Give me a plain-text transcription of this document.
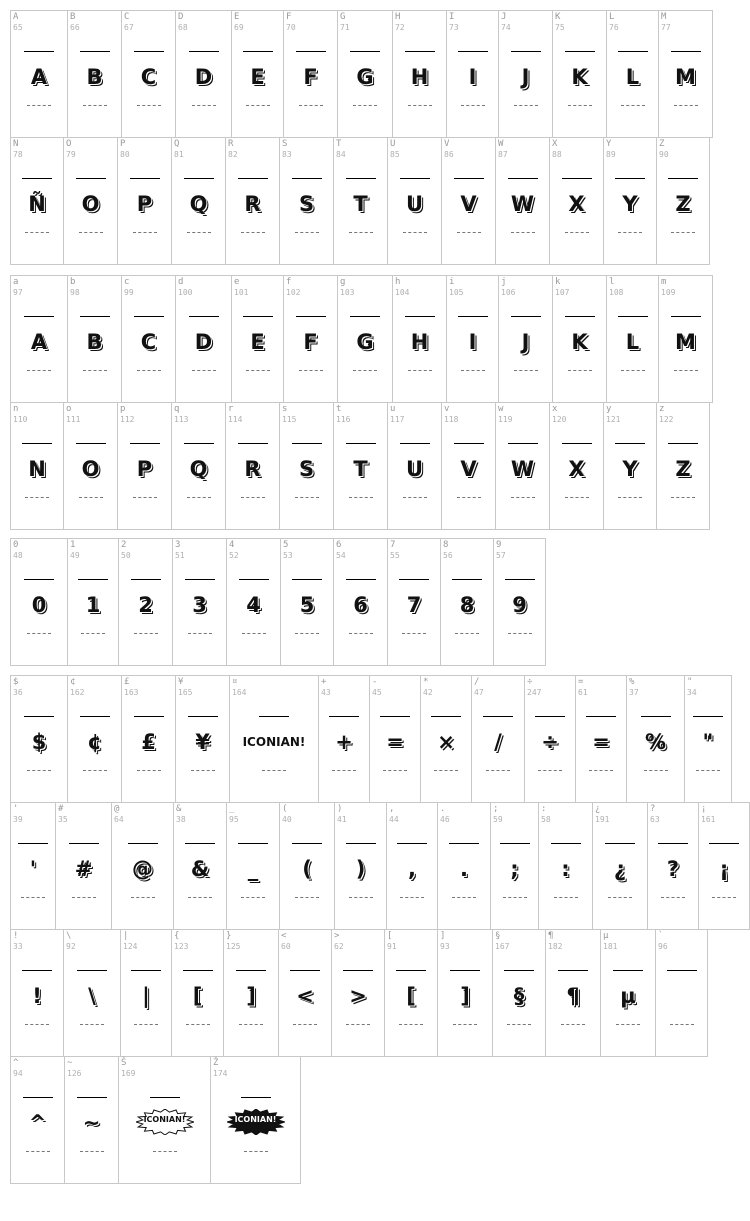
A
65
A
B
66
B
C
67
C
D
68
D
E
69
E
F
70
F
G
71
G
H
72
H
I
73
I
J
74
J
K
75
K
L
76
L
M
77
M
N
78
Ñ
O
79
O
P
80
P
Q
81
Q
R
82
R
S
83
S
T
84
T
U
85
U
V
86
V
W
87
W
X
88
X
Y
89
Y
Z
90
Z
a
97
A
b
98
B
c
99
C
d
100
D
e
101
E
f
102
F
g
103
G
h
104
H
i
105
I
j
106
J
k
107
K
l
108
L
m
109
M
n
110
N
o
111
O
p
112
P
q
113
Q
r
114
R
s
115
S
t
116
T
u
117
U
v
118
V
w
119
W
x
120
X
y
121
Y
z
122
Z
0
48
0
1
49
1
2
50
2
3
51
3
4
52
4
5
53
5
6
54
6
7
55
7
8
56
8
9
57
9
$
36
$
¢
162
¢
£
163
£
¥
165
¥
¤
164
ICONIAN!
+
43
+
-
45
=
*
42
×
/
47
/
÷
247
÷
=
61
=
%
37
%
"
34
"
'
39
'
#
35
#
@
64
@
&
38
&
_
95
_
(
40
(
)
41
)
,
44
,
.
46
.
;
59
;
:
58
:
¿
191
¿
?
63
?
¡
161
¡
!
33
!
\
92
\
|
124
|
{
123
[
}
125
]
<
60
<
>
62
>
[
91
[
]
93
]
§
167
§
¶
182
¶
µ
181
µ
`
96
^
94
^
~
126
~
Š
169
ICONIAN!
Ž
174
ICONIAN!
